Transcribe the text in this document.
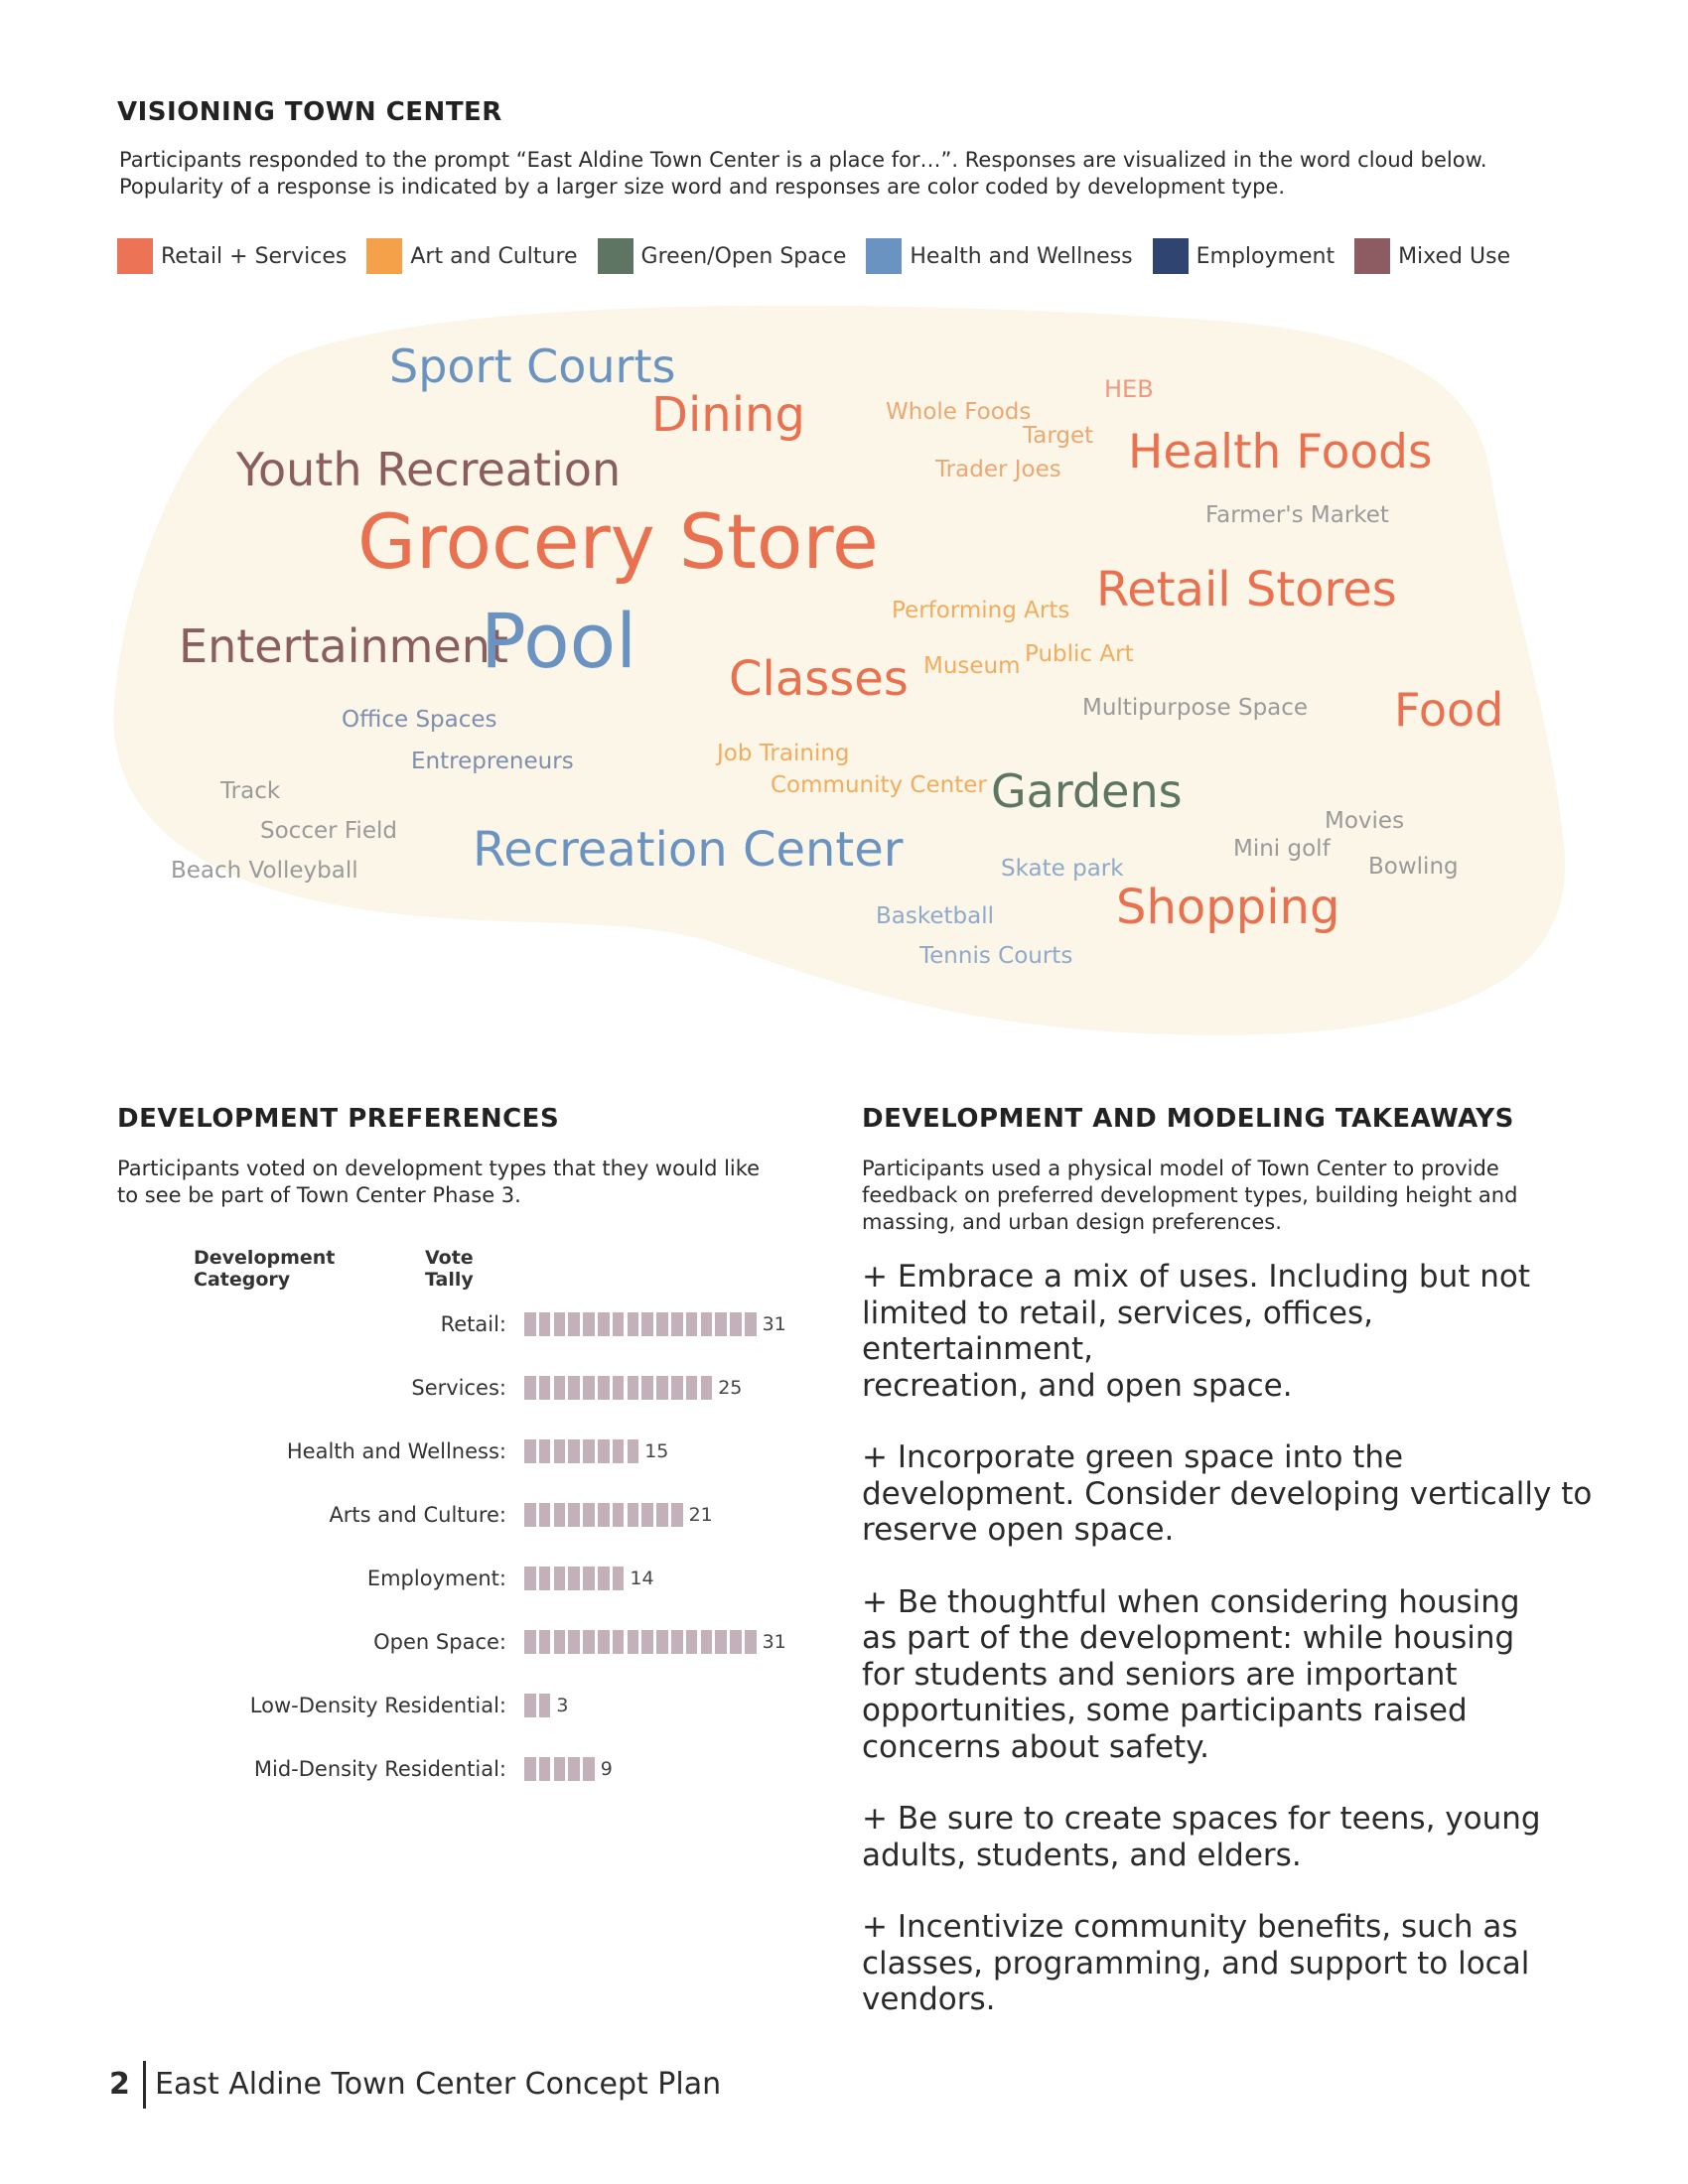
VISIONING TOWN CENTER
Participants responded to the prompt “East Aldine Town Center is a place for…”. Responses are visualized in the word cloud below.
Popularity of a response is indicated by a larger size word and responses are color coded by development type.
Retail + Services	Art and Culture	Green/Open Space	Health and Wellness	Employment	Mixed Use
Sport Courts
Dining	Whole Foods
HEB
Target Health Foods
Youth Recreation	Trader Joes
Farmer's Market
Grocery Store
Retail Stores
Performing Arts
Entertainment
Pool	Public Art
Museum
Classes
Multipurpose Space Food
Office Spaces
Job Training
Entrepreneurs
Community Center Gardens
Track
Movies
Soccer Field
Mini golf
Recreation Center	Bowling
Beach Volleyball	Skate park
Basketball	Shopping
Tennis Courts
DEVELOPMENT PREFERENCES
Participants voted on development types that they would like
to see be part of Town Center Phase 3.
Development Category
Vote Tally
Retail:	31
Services:	25
Health and Wellness:	15
Arts and Culture:	21
Employment:	14
Open Space:	31
Low-Density Residential:	3
Mid-Density Residential:	9
DEVELOPMENT AND MODELING TAKEAWAYS
Participants used a physical model of Town Center to provide
feedback on preferred development types, building height and
massing, and urban design preferences.

+ Embrace a mix of uses. Including but not
limited to retail, services, offices, entertainment,
recreation, and open space.

+ Incorporate green space into the
development. Consider developing vertically to
reserve open space.

+ Be thoughtful when considering housing
as part of the development: while housing
for students and seniors are important
opportunities, some participants raised
concerns about safety.

+ Be sure to create spaces for teens, young
adults, students, and elders.

+ Incentivize community benefits, such as
classes, programming, and support to local
vendors.

2 East Aldine Town Center Concept Plan
